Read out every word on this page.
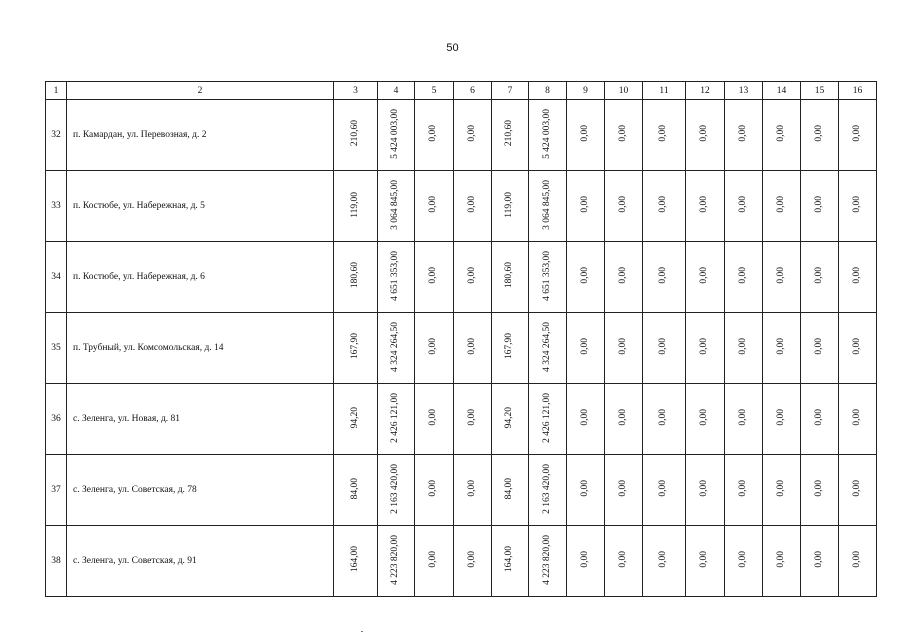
50
1	2	3	4	5	6	7	8	9	10	11	12	13	14	15	16
32	п. Камардан, ул. Перевозная, д. 2	210,60	5 424 003,00	0,00	0,00	210,60	5 424 003,00	0,00	0,00	0,00	0,00	0,00	0,00	0,00	0,00
33	п. Костюбе, ул. Набережная, д. 5	119,00	3 064 845,00	0,00	0,00	119,00	3 064 845,00	0,00	0,00	0,00	0,00	0,00	0,00	0,00	0,00
34	п. Костюбе, ул. Набережная, д. 6	180,60	4 651 353,00	0,00	0,00	180,60	4 651 353,00	0,00	0,00	0,00	0,00	0,00	0,00	0,00	0,00
35	п. Трубный, ул. Комсомольская, д. 14	167,90	4 324 264,50	0,00	0,00	167,90	4 324 264,50	0,00	0,00	0,00	0,00	0,00	0,00	0,00	0,00
36	с. Зеленга, ул. Новая, д. 81	94,20	2 426 121,00	0,00	0,00	94,20	2 426 121,00	0,00	0,00	0,00	0,00	0,00	0,00	0,00	0,00
37	с. Зеленга, ул. Советская, д. 78	84,00	2 163 420,00	0,00	0,00	84,00	2 163 420,00	0,00	0,00	0,00	0,00	0,00	0,00	0,00	0,00
38	с. Зеленга, ул. Советская, д. 91	164,00	4 223 820,00	0,00	0,00	164,00	4 223 820,00	0,00	0,00	0,00	0,00	0,00	0,00	0,00	0,00
